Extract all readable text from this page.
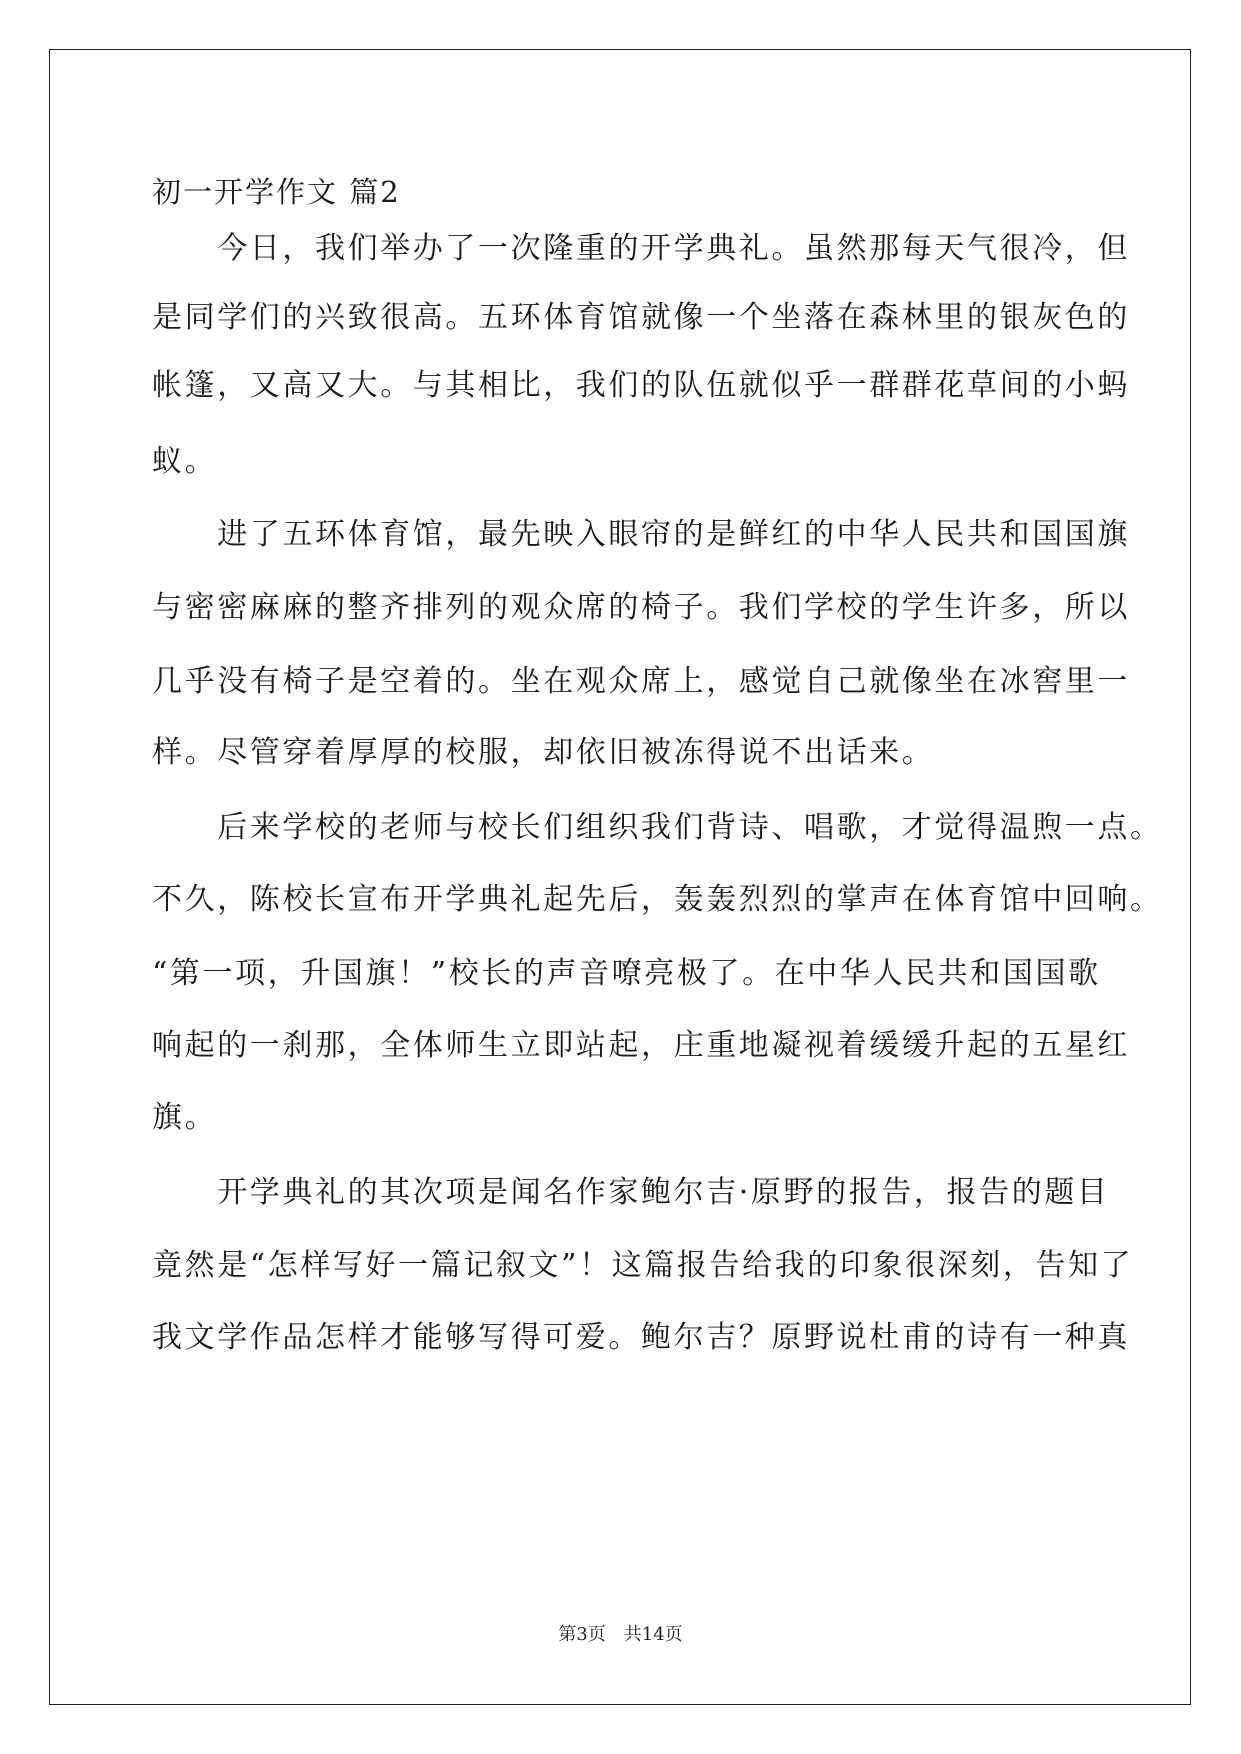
初一开学作文 篇2
　　今日，我们举办了一次隆重的开学典礼。虽然那每天气很冷，但
是同学们的兴致很高。五环体育馆就像一个坐落在森林里的银灰色的
帐篷，又高又大。与其相比，我们的队伍就似乎一群群花草间的小蚂
蚁。
　　进了五环体育馆，最先映入眼帘的是鲜红的中华人民共和国国旗
与密密麻麻的整齐排列的观众席的椅子。我们学校的学生许多，所以
几乎没有椅子是空着的。坐在观众席上，感觉自己就像坐在冰窖里一
样。尽管穿着厚厚的校服，却依旧被冻得说不出话来。
　　后来学校的老师与校长们组织我们背诗、唱歌，才觉得温煦一点。
不久，陈校长宣布开学典礼起先后，轰轰烈烈的掌声在体育馆中回响。
“第一项，升国旗！”校长的声音嘹亮极了。在中华人民共和国国歌
响起的一刹那，全体师生立即站起，庄重地凝视着缓缓升起的五星红
旗。
　　开学典礼的其次项是闻名作家鲍尔吉·原野的报告，报告的题目
竟然是“怎样写好一篇记叙文”！这篇报告给我的印象很深刻，告知了
我文学作品怎样才能够写得可爱。鲍尔吉？原野说杜甫的诗有一种真
第3页　共14页
